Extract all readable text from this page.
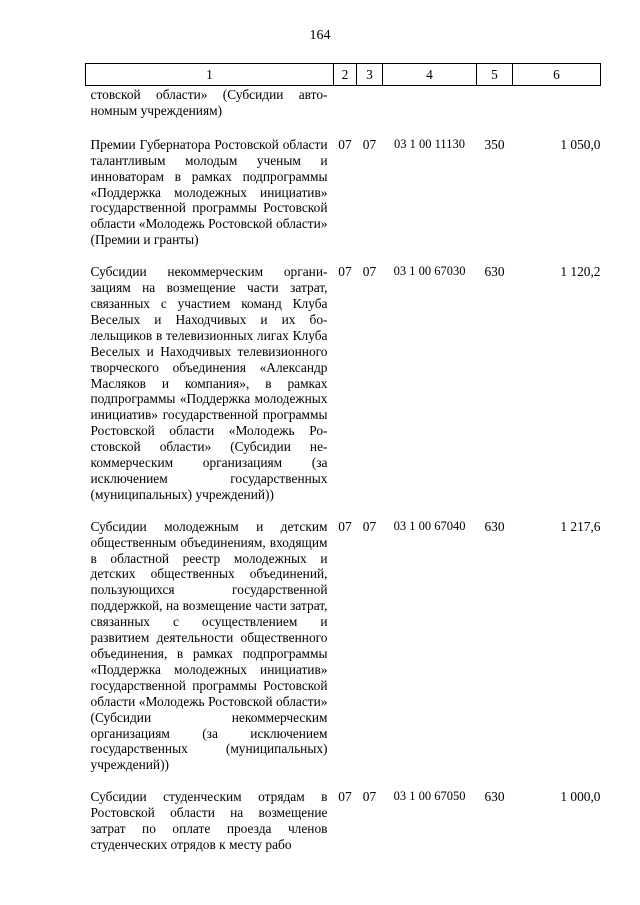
164
1	2	3	4	5	6
стовской области» (Субсидии автономным учреждениям)					
Премии Губернатора Ростовской области талантливым молодым ученым и инноваторам в рамках подпрограммы «Поддержка молодежных инициатив» государственной программы Ростовской области «Молодежь Ростовской области» (Премии и гранты)	07	07	03 1 00 11130	350	1 050,0
Субсидии некоммерческим организациям на возмещение части затрат, связанных с участием команд Клуба Веселых и Находчивых и их болельщиков в телевизионных лигах Клуба Веселых и Находчивых телевизионного творческого объединения «Александр Масляков и компания», в рамках подпрограммы «Поддержка молодежных инициатив» государственной программы Ростовской области «Молодежь Ростовской области» (Субсидии некоммерческим организациям (за исключением государственных (муниципальных) учреждений))	07	07	03 1 00 67030	630	1 120,2
Субсидии молодежным и детским общественным объединениям, входящим в областной реестр молодежных и детских общественных объединений, пользующихся государственной поддержкой, на возмещение части затрат, связанных с осуществлением и развитием деятельности общественного объединения, в рамках подпрограммы «Поддержка молодежных инициатив» государственной программы Ростовской области «Молодежь Ростовской области» (Субсидии некоммерческим организациям (за исключением государственных (муниципальных) учреждений))	07	07	03 1 00 67040	630	1 217,6
Субсидии студенческим отрядам в Ростовской области на возмещение затрат по оплате проезда членов студенческих отрядов к месту рабо	07	07	03 1 00 67050	630	1 000,0
